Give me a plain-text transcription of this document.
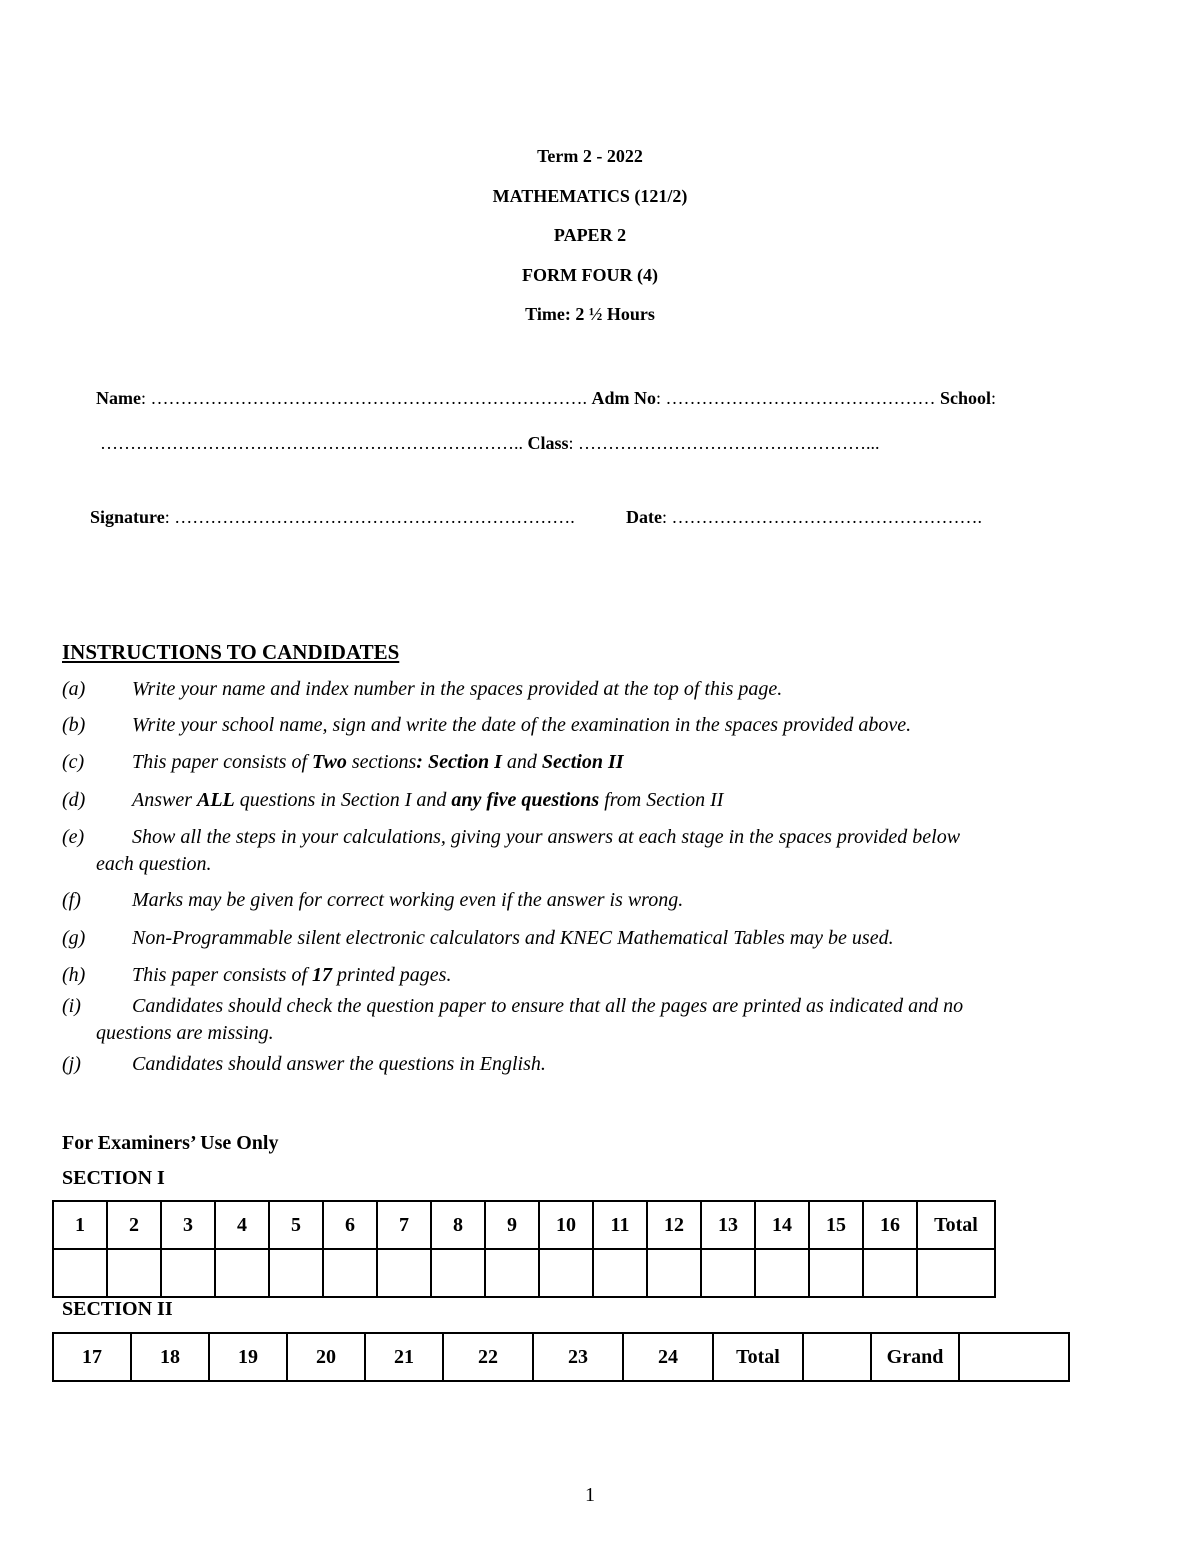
Term 2 - 2022
MATHEMATICS (121/2)
PAPER 2
FORM FOUR (4)
Time: 2 ½ Hours
Name: ………………………………………………………………. Adm No: ……………………………………… School:
…………………………………………………………….. Class: …………………………………………...
Signature: ………………………………………………………….	Date: …………………………………………….
INSTRUCTIONS TO CANDIDATES
(a) Write your name and index number in the spaces provided at the top of this page.
(b) Write your school name, sign and write the date of the examination in the spaces provided above.
(c) This paper consists of Two sections: Section I and Section II
(d) Answer ALL questions in Section I and any five questions from Section II
(e) Show all the steps in your calculations, giving your answers at each stage in the spaces provided below
each question.
(f)	Marks may be given for correct working even if the answer is wrong.
(g) Non-Programmable silent electronic calculators and KNEC Mathematical Tables may be used.
(h) This paper consists of 17 printed pages.
(i)	Candidates should check the question paper to ensure that all the pages are printed as indicated and no
questions are missing.
(j)	Candidates should answer the questions in English.
For Examiners’ Use Only
SECTION I
1	2	3	4	5	6	7	8	9	10	11	12	13	14	15	16	Total

SECTION II
17	18	19	20	21	22	23	24	Total		Grand	
1
